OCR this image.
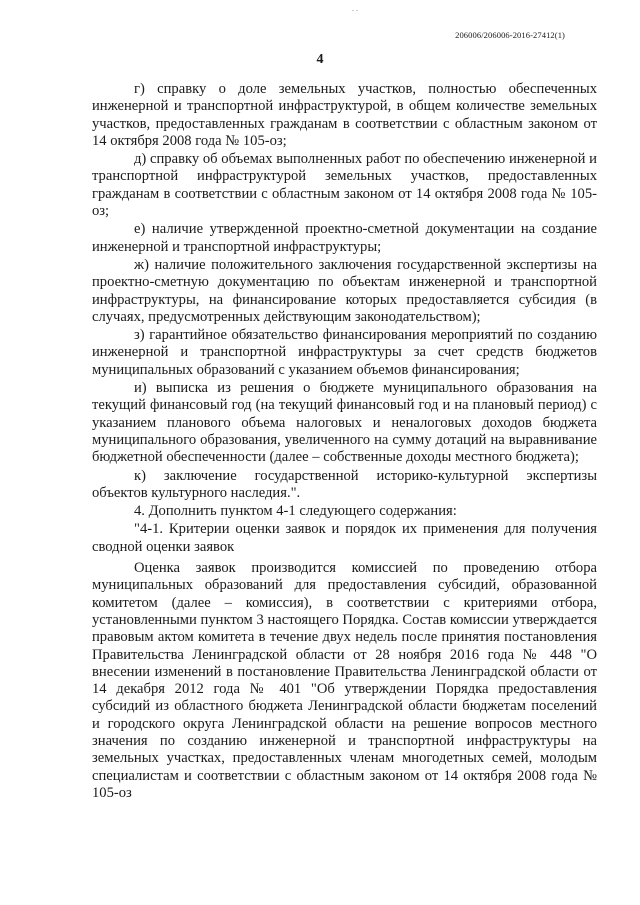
. .
206006/206006-2016-27412(1)
4

г) справку о доле земельных участков, полностью обеспеченных инженерной и транспортной инфраструктурой, в общем количестве земельных участков, предоставленных гражданам в соответствии с областным законом от 14 октября 2008 года № 105-оз;

д) справку об объемах выполненных работ по обеспечению инженерной и транспортной инфраструктурой земельных участков, предоставленных гражданам в соответствии с областным законом от 14 октября 2008 года № 105-оз;

е) наличие утвержденной проектно-сметной документации на создание инженерной и транспортной инфраструктуры;

ж) наличие положительного заключения государственной экспертизы на проектно-сметную документацию по объектам инженерной и транспортной инфраструктуры, на финансирование которых предоставляется субсидия (в случаях, предусмотренных действующим законодательством);

з) гарантийное обязательство финансирования мероприятий по созданию инженерной и транспортной инфраструктуры за счет средств бюджетов муниципальных образований с указанием объемов финансирования;

и) выписка из решения о бюджете муниципального образования на текущий финансовый год (на текущий финансовый год и на плановый период) с указанием планового объема налоговых и неналоговых доходов бюджета муниципального образования, увеличенного на сумму дотаций на выравнивание бюджетной обеспеченности (далее – собственные доходы местного бюджета);

к) заключение государственной историко-культурной экспертизы объектов культурного наследия.".

4. Дополнить пунктом 4-1 следующего содержания:

"4-1. Критерии оценки заявок и порядок их применения для получения сводной оценки заявок

Оценка заявок производится комиссией по проведению отбора муниципальных образований для предоставления субсидий, образованной комитетом (далее – комиссия), в соответствии с критериями отбора, установленными пунктом 3 настоящего Порядка. Состав комиссии утверждается правовым актом комитета в течение двух недель после принятия постановления Правительства Ленинградской области от 28 ноября 2016 года № 448 "О внесении изменений в постановление Правительства Ленинградской области от 14 декабря 2012 года № 401 "Об утверждении Порядка предоставления субсидий из областного бюджета Ленинградской области бюджетам поселений и городского округа Ленинградской области на решение вопросов местного значения по созданию инженерной и транспортной инфраструктуры на земельных участках, предоставленных членам многодетных семей, молодым специалистам и соответствии с областным законом от 14 октября 2008 года № 105-оз
